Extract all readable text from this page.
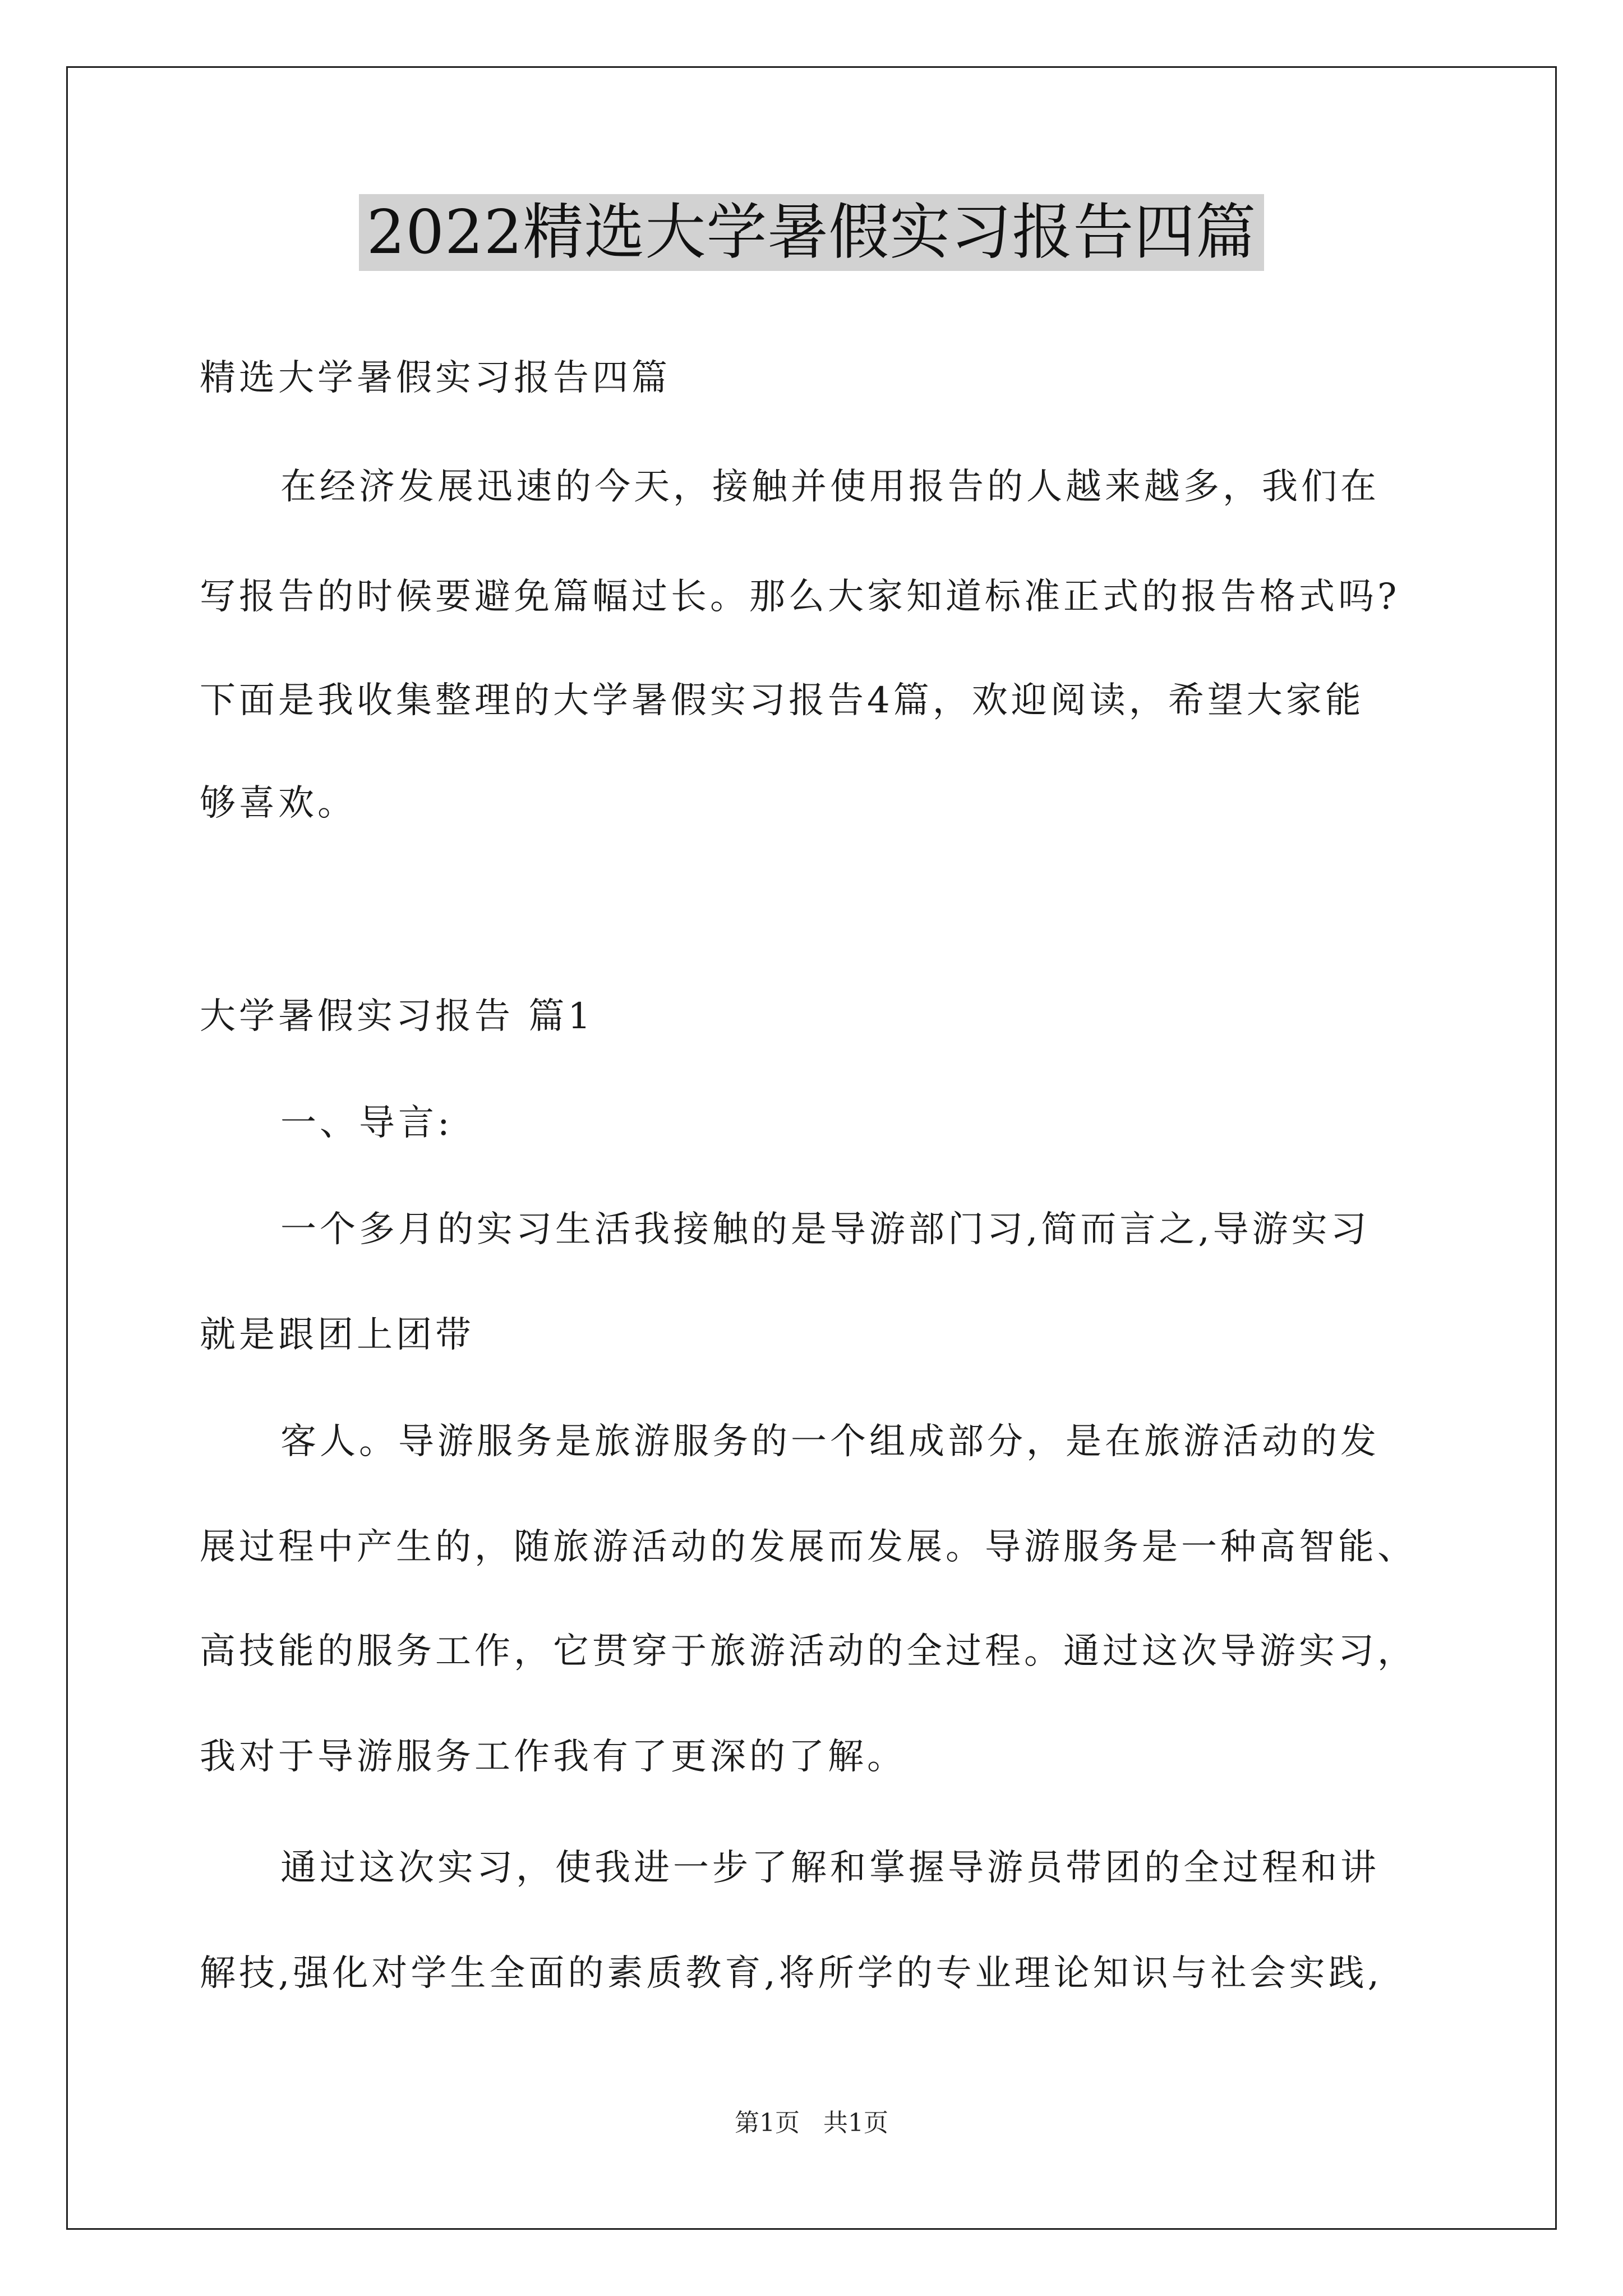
2022精选大学暑假实习报告四篇
精选大学暑假实习报告四篇
在经济发展迅速的今天，接触并使用报告的人越来越多，我们在
写报告的时候要避免篇幅过长。那么大家知道标准正式的报告格式吗?
下面是我收集整理的大学暑假实习报告4篇，欢迎阅读，希望大家能
够喜欢。
大学暑假实习报告 篇1
一、导言:
一个多月的实习生活我接触的是导游部门习,简而言之,导游实习
就是跟团上团带
客人。导游服务是旅游服务的一个组成部分，是在旅游活动的发
展过程中产生的，随旅游活动的发展而发展。导游服务是一种高智能、
高技能的服务工作，它贯穿于旅游活动的全过程。通过这次导游实习，
我对于导游服务工作我有了更深的了解。
通过这次实习，使我进一步了解和掌握导游员带团的全过程和讲
解技,强化对学生全面的素质教育,将所学的专业理论知识与社会实践,
第1页 共1页
